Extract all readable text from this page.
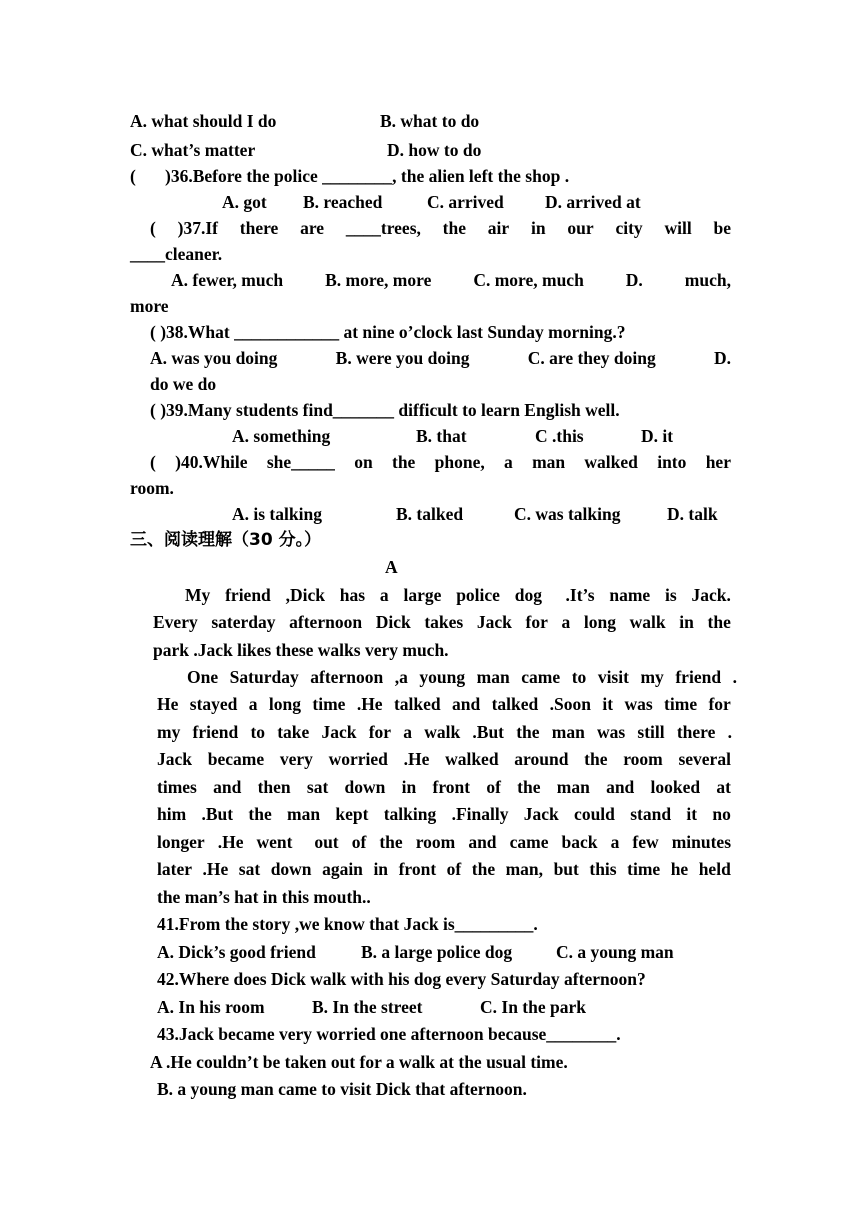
A. what should I do	B. what to do
C. what’s matter	D. how to do
( )36.Before the police ________, the alien left the shop .
A. got B. reached	C. arrived D. arrived at
( )37.If there are ____trees, the air in our city will be
____cleaner.
A. fewer, much B. more, more C. more, much D. much,
more
( )38.What ____________ at nine o’clock last Sunday morning.?
A. was you doing	B. were you doing	C. are they doing	D.
do we do
( )39.Many students find_______ difficult to learn English well.
A. something	B. that	C .this	D. it
( )40.While she_____ on the phone, a man walked into her
room.
A. is talking	B. talked	C. was talking	D. talk
三、阅读理解（30 分。）
A
My friend ,Dick has a large police dog .It’s name is Jack.
Every saterday afternoon Dick takes Jack for a long walk in the
park .Jack likes these walks very much.
One Saturday afternoon ,a young man came to visit my friend .
He stayed a long time .He talked and talked .Soon it was time for
my friend to take Jack for a walk .But the man was still there .
Jack became very worried .He walked around the room several
times and then sat down in front of the man and looked at
him .But the man kept talking .Finally Jack could stand it no
longer .He went out of the room and came back a few minutes
later .He sat down again in front of the man, but this time he held
the man’s hat in this mouth..
41.From the story ,we know that Jack is_________.
A. Dick’s good friend	B. a large police dog	C. a young man
42.Where does Dick walk with his dog every Saturday afternoon?
A. In his room	B. In the street	C. In the park
43.Jack became very worried one afternoon because________.
A .He couldn’t be taken out for a walk at the usual time.
B. a young man came to visit Dick that afternoon.
